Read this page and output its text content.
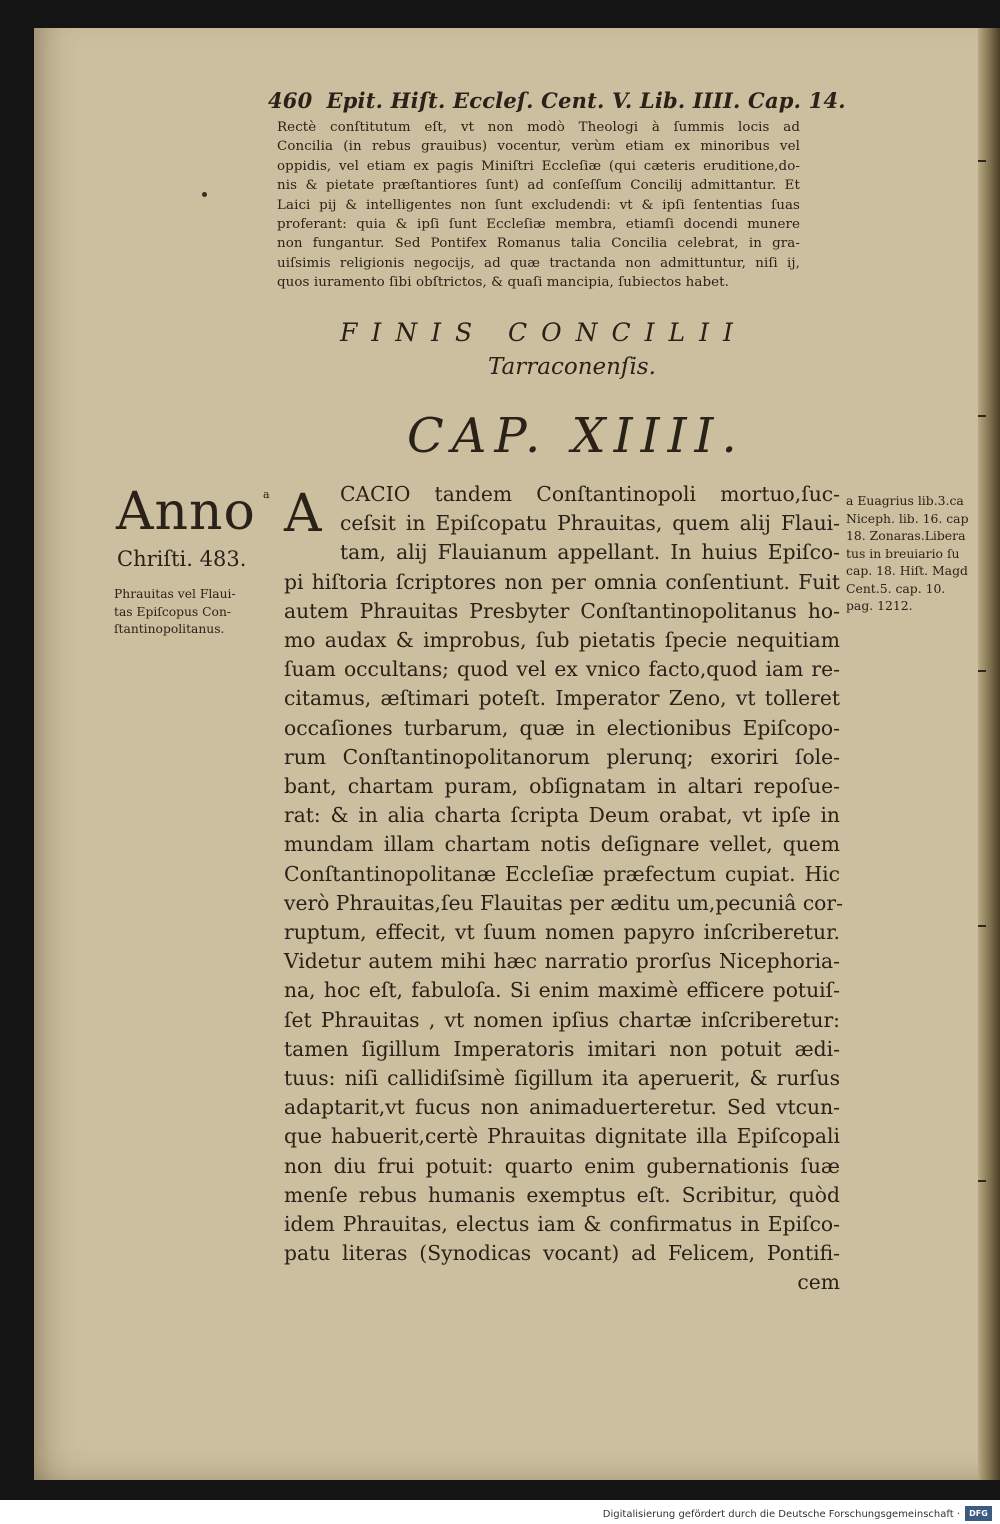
460 Epit. Hiſt. Eccleſ. Cent. V. Lib. IIII. Cap. 14.
Rectè conſtitutum eſt, vt non modò Theologi à ſummis locis ad
Concilia (in rebus grauibus) vocentur, verùm etiam ex minoribus vel
oppidis, vel etiam ex pagis Miniſtri Eccleſiæ (qui cæteris eruditione,do-
nis & pietate præſtantiores ſunt) ad conſeſſum Concilij admittantur. Et
Laici pij & intelligentes non ſunt excludendi: vt & ipſi ſententias ſuas
proferant: quia & ipſi ſunt Eccleſiæ membra, etiamſi docendi munere
non fungantur. Sed Pontifex Romanus talia Concilia celebrat, in gra-
uiſsimis religionis negocijs, ad quæ tractanda non admittuntur, niſi ij,
quos iuramento ſibi obſtrictos, & quaſi mancipia, ſubiectos habet.
FINIS CONCILII
Tarraconenſis.
CAP. XIIII.
Anno
Chriſti. 483.
Phrauitas vel Flaui-
tas Epiſcopus Con-
ſtantinopolitanus.
a A CACIO tandem Conſtantinopoli mortuo,ſuc-
ceſsit in Epiſcopatu Phrauitas, quem alij Flaui-
tam, alij Flauianum appellant. In huius Epiſco-
pi hiſtoria ſcriptores non per omnia conſentiunt. Fuit
autem Phrauitas Presbyter Conſtantinopolitanus ho-
mo audax & improbus, ſub pietatis ſpecie nequitiam
ſuam occultans; quod vel ex vnico facto,quod iam re-
citamus, æſtimari poteſt. Imperator Zeno, vt tolleret
occaſiones turbarum, quæ in electionibus Epiſcopo-
rum Conſtantinopolitanorum plerunq; exoriri ſole-
bant, chartam puram, obſignatam in altari repoſue-
rat: & in alia charta ſcripta Deum orabat, vt ipſe in
mundam illam chartam notis deſignare vellet, quem
Conſtantinopolitanæ Eccleſiæ præfectum cupiat. Hic
verò Phrauitas,ſeu Flauitas per æditu um,pecuniâ cor-
ruptum, effecit, vt ſuum nomen papyro inſcriberetur.
Videtur autem mihi hæc narratio prorſus Nicephoria-
na, hoc eſt, fabuloſa. Si enim maximè efficere potuiſ-
ſet Phrauitas , vt nomen ipſius chartæ inſcriberetur:
tamen ſigillum Imperatoris imitari non potuit ædi-
tuus: niſi callidiſsimè ſigillum ita aperuerit, & rurſus
adaptarit,vt fucus non animaduerteretur. Sed vtcun-
que habuerit,certè Phrauitas dignitate illa Epiſcopali
non diu frui potuit: quarto enim gubernationis ſuæ
menſe rebus humanis exemptus eſt. Scribitur, quòd
idem Phrauitas, electus iam & confirmatus in Epiſco-
patu literas (Synodicas vocant) ad Felicem, Pontifi-
cem
a Euagrius lib.3.ca
Niceph. lib. 16. cap
18. Zonaras.Libera
tus in breuiario ſu
cap. 18. Hiſt. Magd
Cent.5. cap. 10.
pag. 1212.
Digitalisierung gefördert durch die Deutsche Forschungsgemeinschaft ·	DFG
